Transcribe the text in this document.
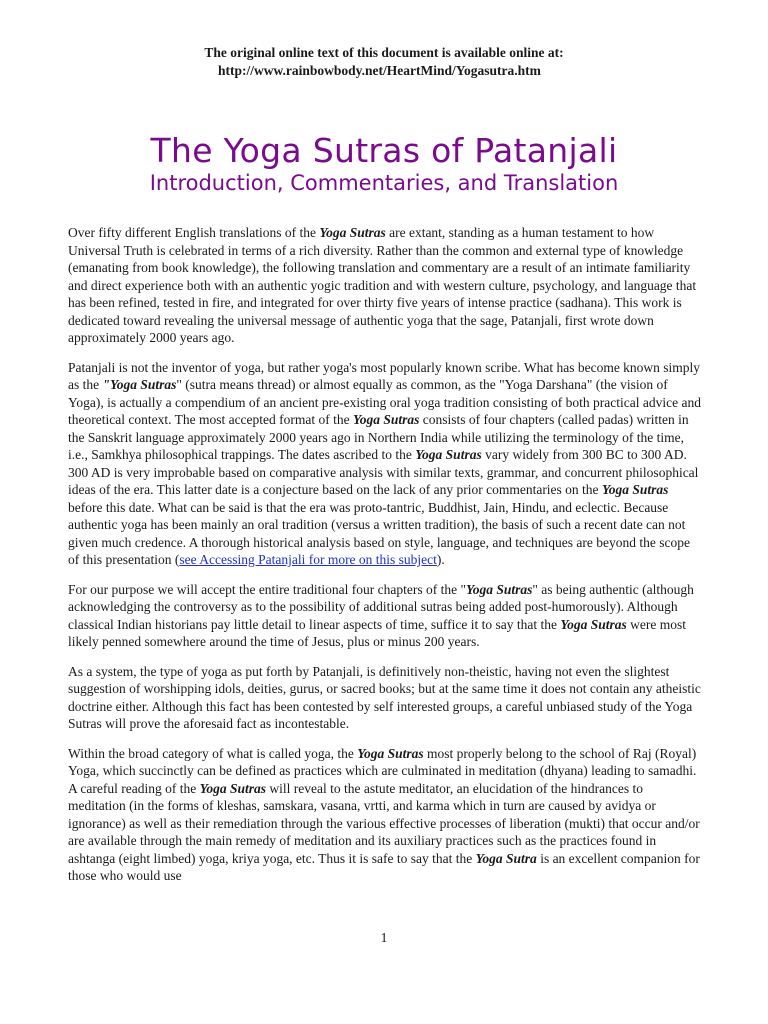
The original online text of this document is available online at:
http://www.rainbowbody.net/HeartMind/Yogasutra.htm
The Yoga Sutras of Patanjali
Introduction, Commentaries, and Translation

Over fifty different English translations of the Yoga Sutras are extant, standing as a human testament to how Universal Truth is celebrated in terms of a rich diversity. Rather than the common and external type of knowledge (emanating from book knowledge), the following translation and commentary are a result of an intimate familiarity and direct experience both with an authentic yogic tradition and with western culture, psychology, and language that has been refined, tested in fire, and integrated for over thirty five years of intense practice (sadhana). This work is dedicated toward revealing the universal message of authentic yoga that the sage, Patanjali, first wrote down approximately 2000 years ago.

Patanjali is not the inventor of yoga, but rather yoga's most popularly known scribe. What has become known simply as the "Yoga Sutras" (sutra means thread) or almost equally as common, as the "Yoga Darshana" (the vision of Yoga), is actually a compendium of an ancient pre-existing oral yoga tradition consisting of both practical advice and theoretical context. The most accepted format of the Yoga Sutras consists of four chapters (called padas) written in the Sanskrit language approximately 2000 years ago in Northern India while utilizing the terminology of the time, i.e., Samkhya philosophical trappings. The dates ascribed to the Yoga Sutras vary widely from 300 BC to 300 AD. 300 AD is very improbable based on comparative analysis with similar texts, grammar, and concurrent philosophical ideas of the era. This latter date is a conjecture based on the lack of any prior commentaries on the Yoga Sutras before this date. What can be said is that the era was proto-tantric, Buddhist, Jain, Hindu, and eclectic. Because authentic yoga has been mainly an oral tradition (versus a written tradition), the basis of such a recent date can not given much credence. A thorough historical analysis based on style, language, and techniques are beyond the scope of this presentation (see Accessing Patanjali for more on this subject).

For our purpose we will accept the entire traditional four chapters of the "Yoga Sutras" as being authentic (although acknowledging the controversy as to the possibility of additional sutras being added post-humorously). Although classical Indian historians pay little detail to linear aspects of time, suffice it to say that the Yoga Sutras were most likely penned somewhere around the time of Jesus, plus or minus 200 years.

As a system, the type of yoga as put forth by Patanjali, is definitively non-theistic, having not even the slightest suggestion of worshipping idols, deities, gurus, or sacred books; but at the same time it does not contain any atheistic doctrine either. Although this fact has been contested by self interested groups, a careful unbiased study of the Yoga Sutras will prove the aforesaid fact as incontestable.

Within the broad category of what is called yoga, the Yoga Sutras most properly belong to the school of Raj (Royal) Yoga, which succinctly can be defined as practices which are culminated in meditation (dhyana) leading to samadhi. A careful reading of the Yoga Sutras will reveal to the astute meditator, an elucidation of the hindrances to meditation (in the forms of kleshas, samskara, vasana, vrtti, and karma which in turn are caused by avidya or ignorance) as well as their remediation through the various effective processes of liberation (mukti) that occur and/or are available through the main remedy of meditation and its auxiliary practices such as the practices found in ashtanga (eight limbed) yoga, kriya yoga, etc. Thus it is safe to say that the Yoga Sutra is an excellent companion for those who would use

1
